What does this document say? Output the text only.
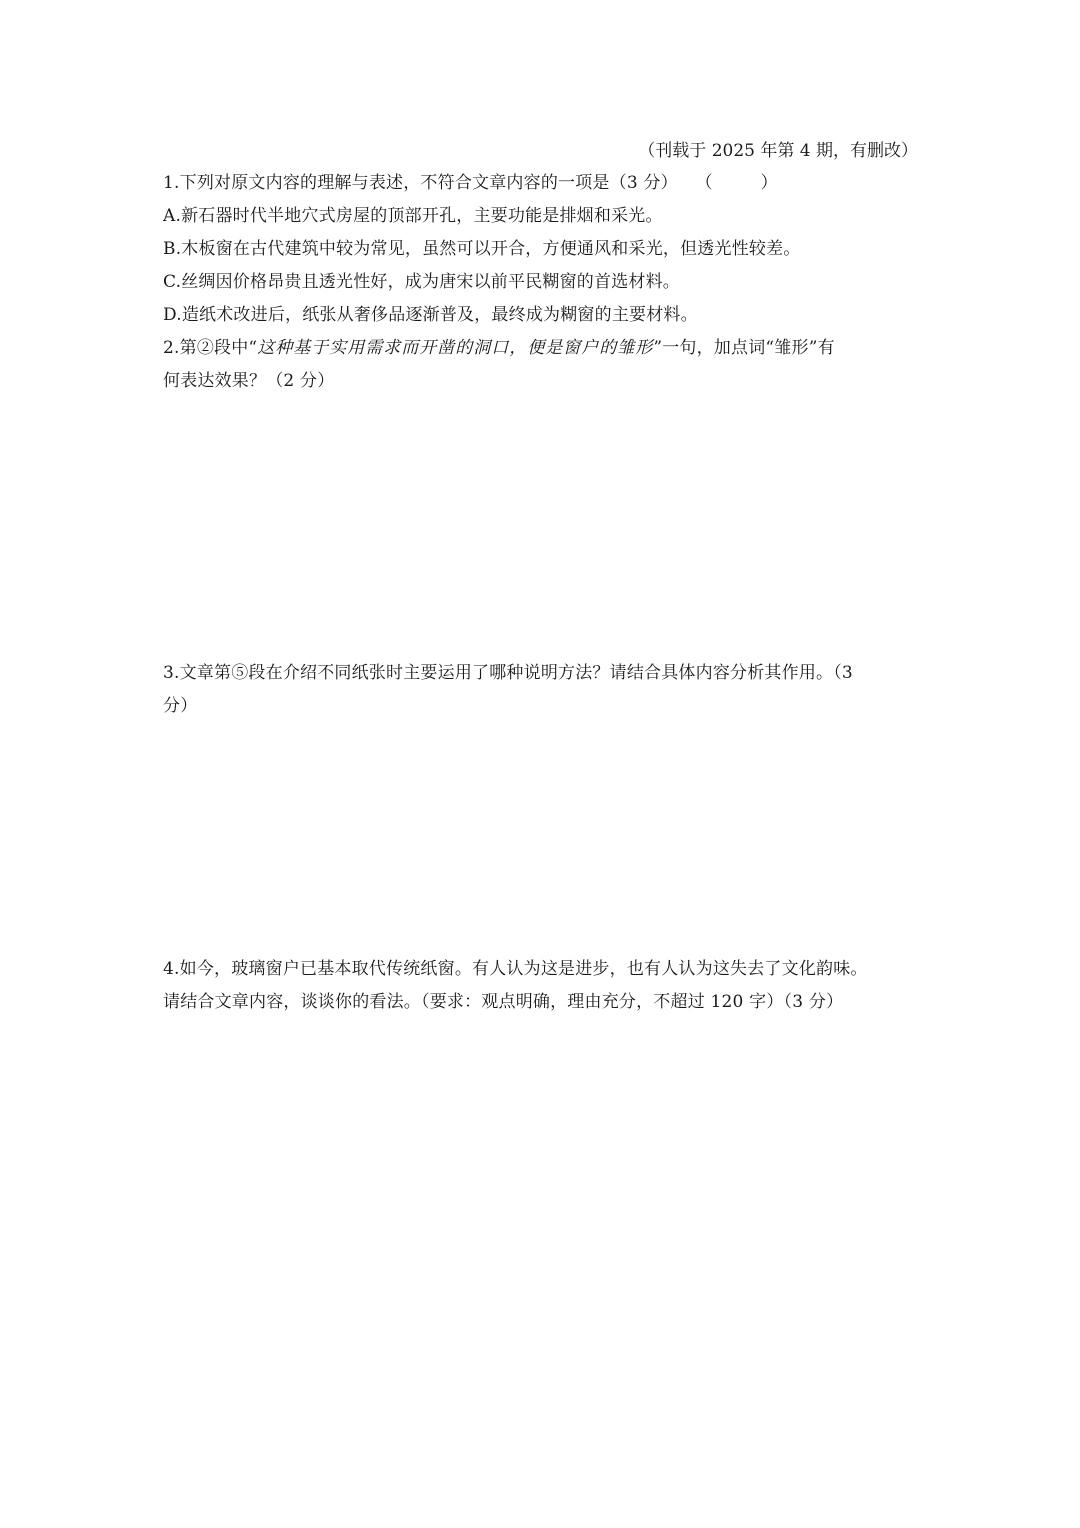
（刊载于 2025 年第 4 期，有删改）
1.下列对原文内容的理解与表述，不符合文章内容的一项是（3 分） （	）
A.新石器时代半地穴式房屋的顶部开孔，主要功能是排烟和采光。
B.木板窗在古代建筑中较为常见，虽然可以开合，方便通风和采光，但透光性较差。
C.丝绸因价格昂贵且透光性好，成为唐宋以前平民糊窗的首选材料。
D.造纸术改进后，纸张从奢侈品逐渐普及，最终成为糊窗的主要材料。
2.第②段中“这种基于实用需求而开凿的洞口，便是窗户的雏形”一句，加点词“雏形”有
何表达效果？（2 分）
3.文章第⑤段在介绍不同纸张时主要运用了哪种说明方法？请结合具体内容分析其作用。（3
分）
4.如今，玻璃窗户已基本取代传统纸窗。有人认为这是进步，也有人认为这失去了文化韵味。
请结合文章内容，谈谈你的看法。（要求：观点明确，理由充分，不超过 120 字）（3 分）
